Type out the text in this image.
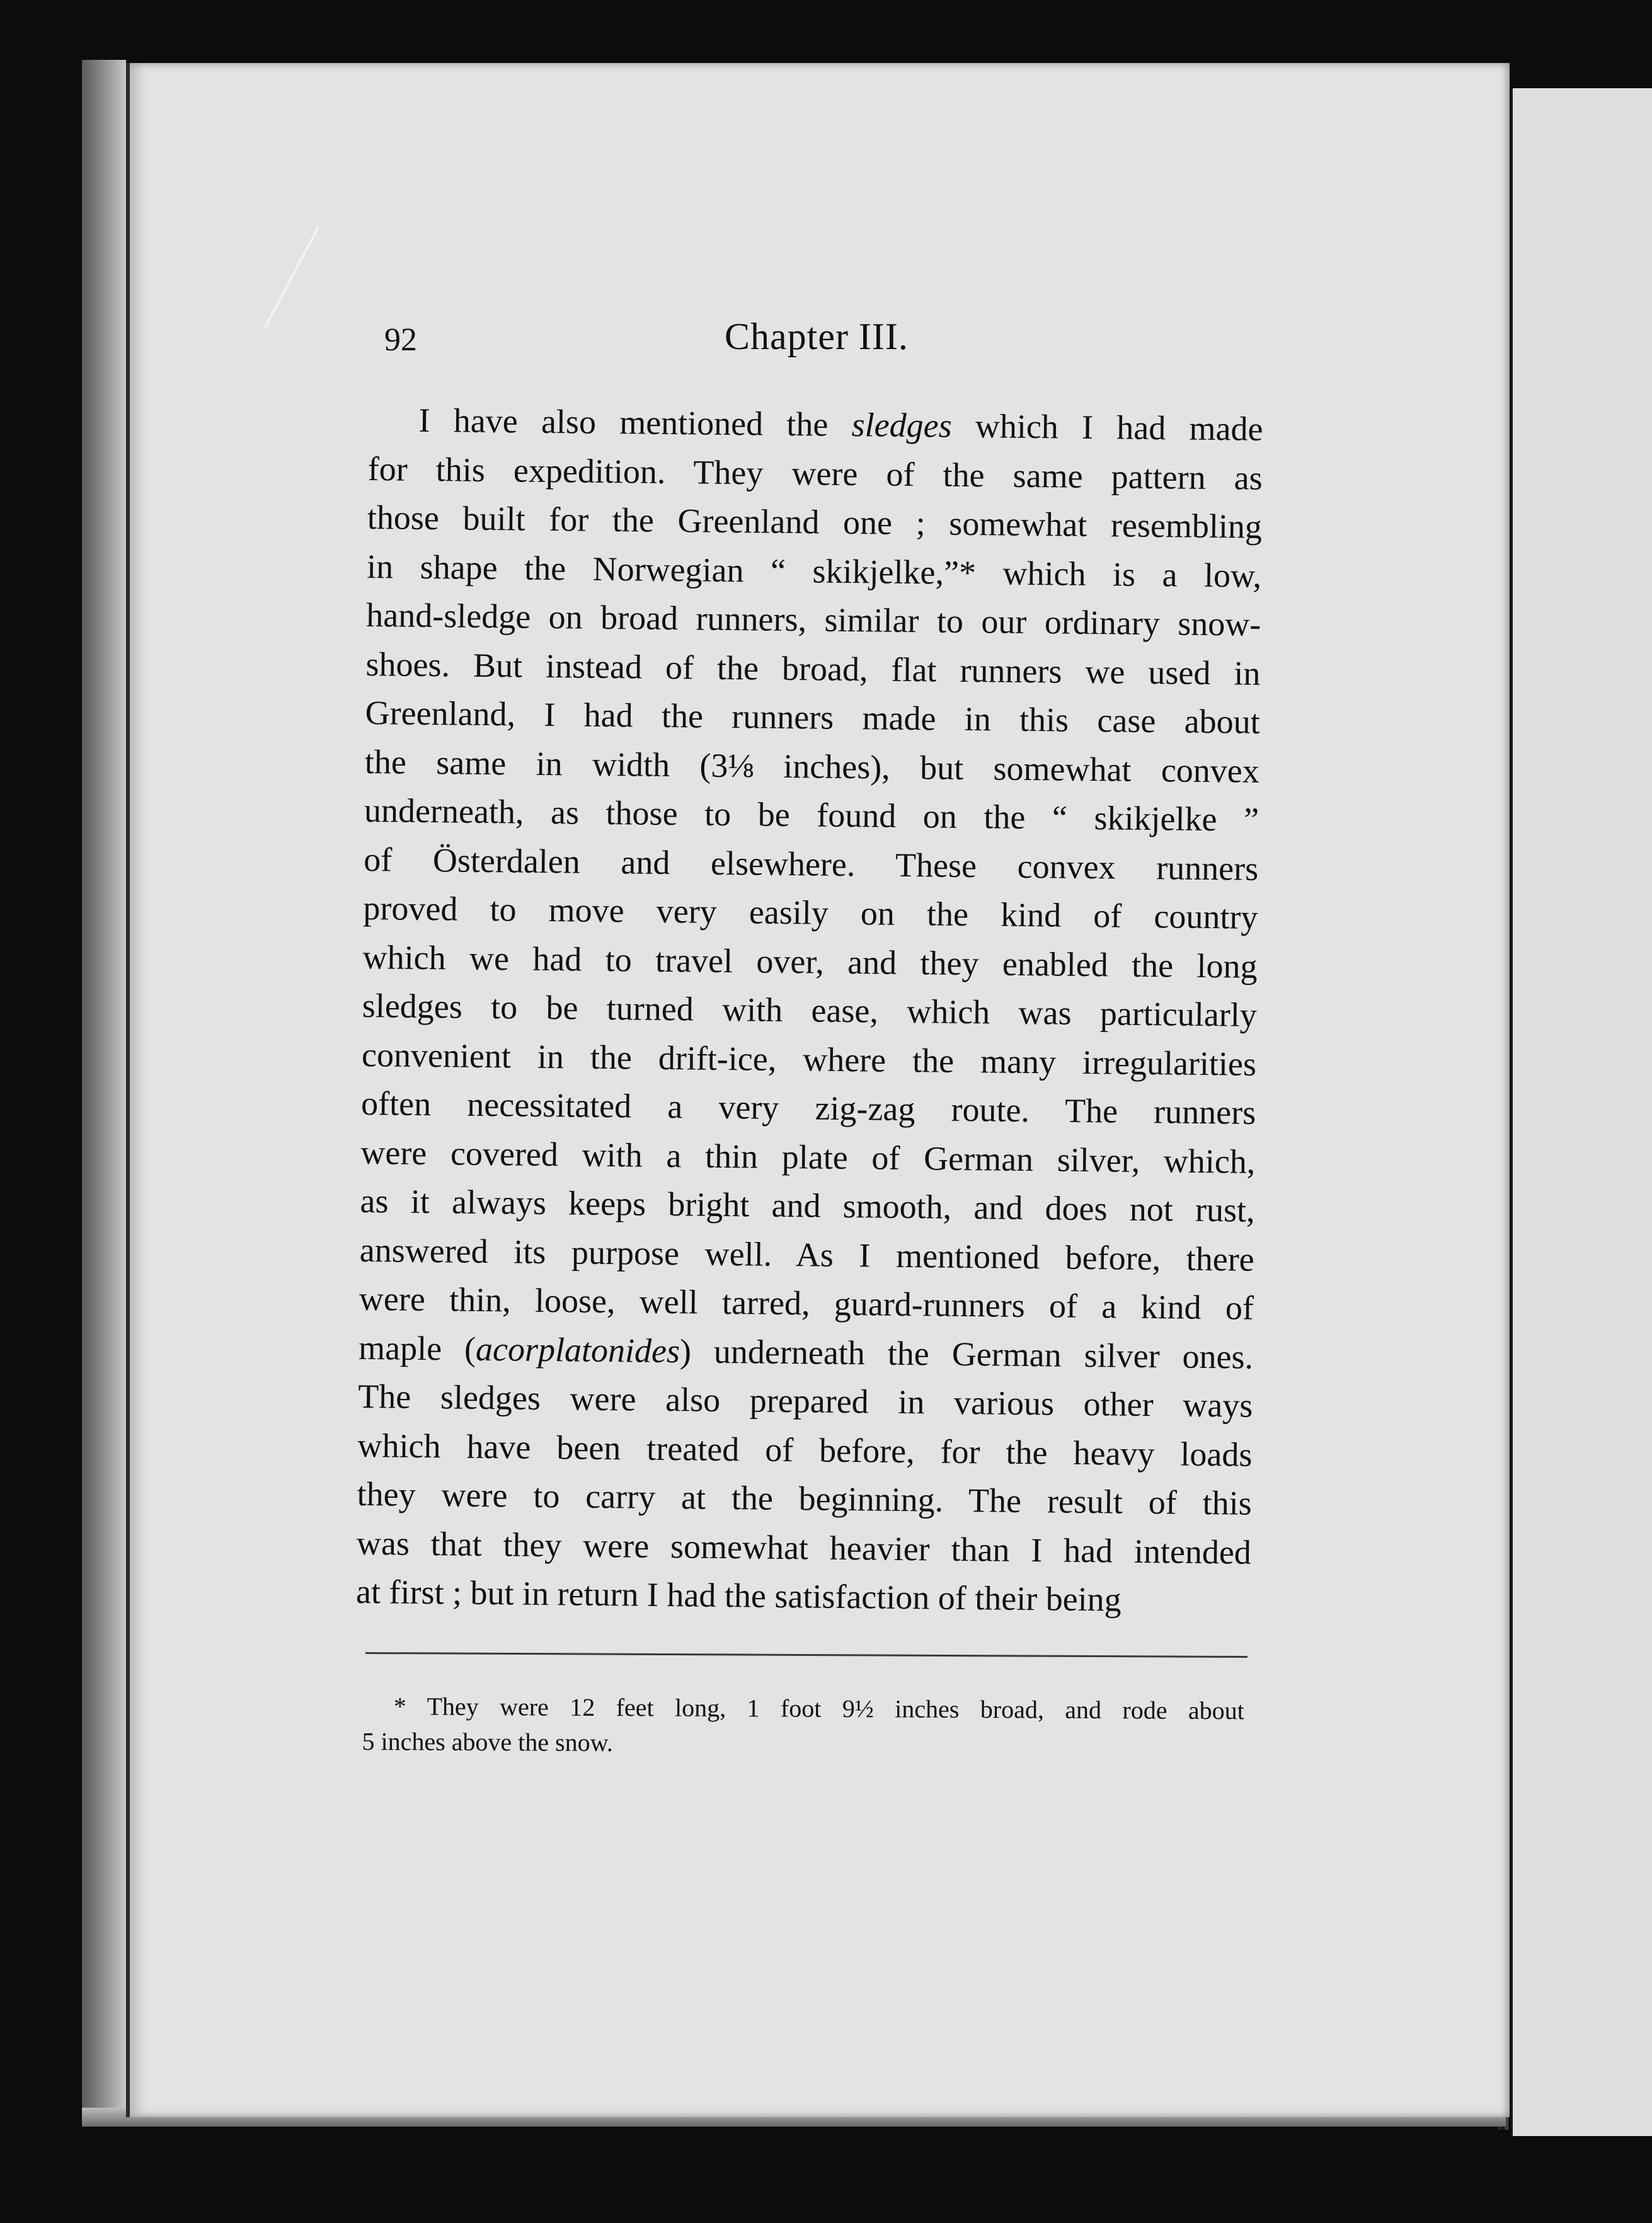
92	Chapter III.
I have also mentioned the sledges which I had made
for this expedition. They were of the same pattern as
those built for the Greenland one ; somewhat resembling
in shape the Norwegian “ skikjelke,”* which is a low,
hand-sledge on broad runners, similar to our ordinary snow-
shoes. But instead of the broad, flat runners we used in
Greenland, I had the runners made in this case about
the same in width (3⅛ inches), but somewhat convex
underneath, as those to be found on the “ skikjelke ”
of Österdalen and elsewhere. These convex runners
proved to move very easily on the kind of country
which we had to travel over, and they enabled the long
sledges to be turned with ease, which was particularly
convenient in the drift-ice, where the many irregularities
often necessitated a very zig-zag route. The runners
were covered with a thin plate of German silver, which,
as it always keeps bright and smooth, and does not rust,
answered its purpose well. As I mentioned before, there
were thin, loose, well tarred, guard-runners of a kind of
maple (acorplatonides) underneath the German silver ones.
The sledges were also prepared in various other ways
which have been treated of before, for the heavy loads
they were to carry at the beginning. The result of this
was that they were somewhat heavier than I had intended
at first ; but in return I had the satisfaction of their being
* They were 12 feet long, 1 foot 9½ inches broad, and rode about
5 inches above the snow.
